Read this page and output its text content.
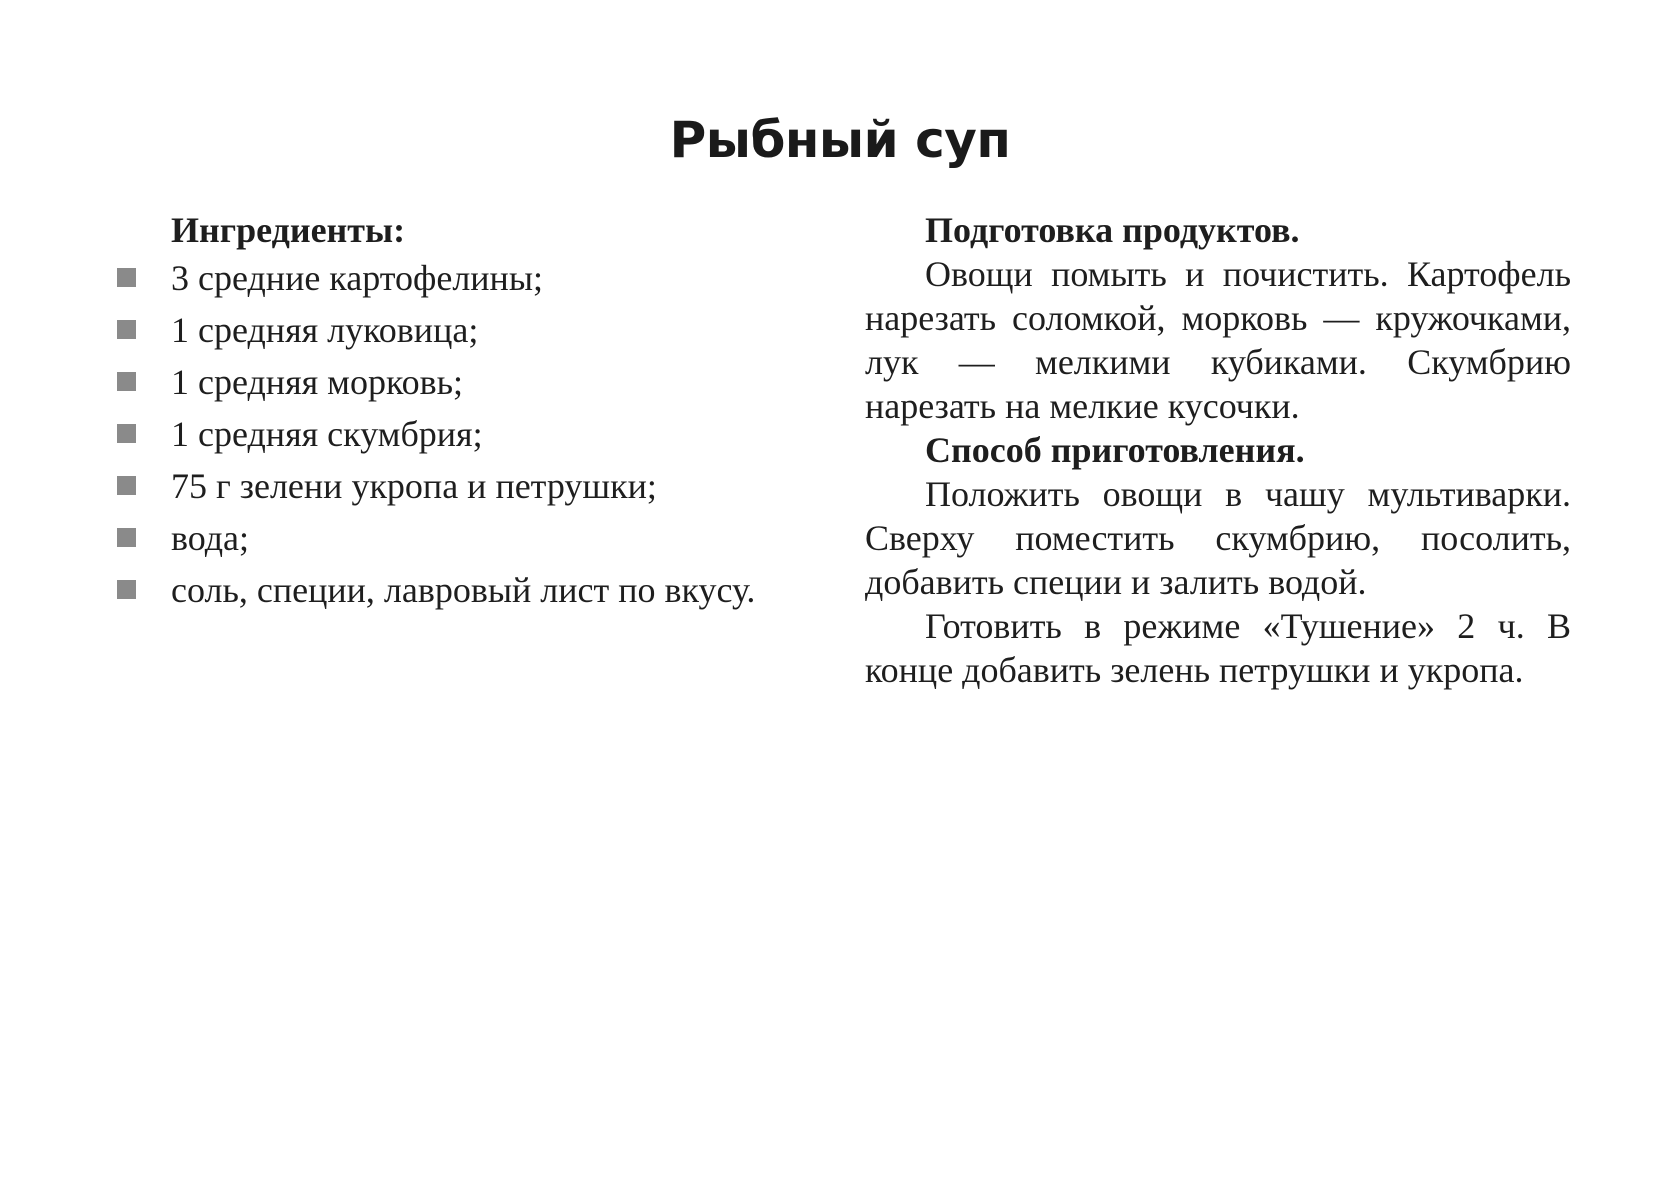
Рыбный суп
Ингредиенты:
3 средние картофелины;
1 средняя луковица;
1 средняя морковь;
1 средняя скумбрия;
75 г зелени укропа и петрушки;
вода;
соль, специи, лавровый лист по вкусу.

Подготовка продуктов.

Овощи помыть и почистить. Картофель нарезать соломкой, морковь — кружочками, лук — мелкими кубиками. Скумбрию нарезать на мелкие кусочки.

Способ приготовления.

Положить овощи в чашу мультиварки. Сверху поместить скумбрию, посолить, добавить специи и залить водой.

Готовить в режиме «Тушение» 2 ч. В конце добавить зелень петрушки и укропа.
